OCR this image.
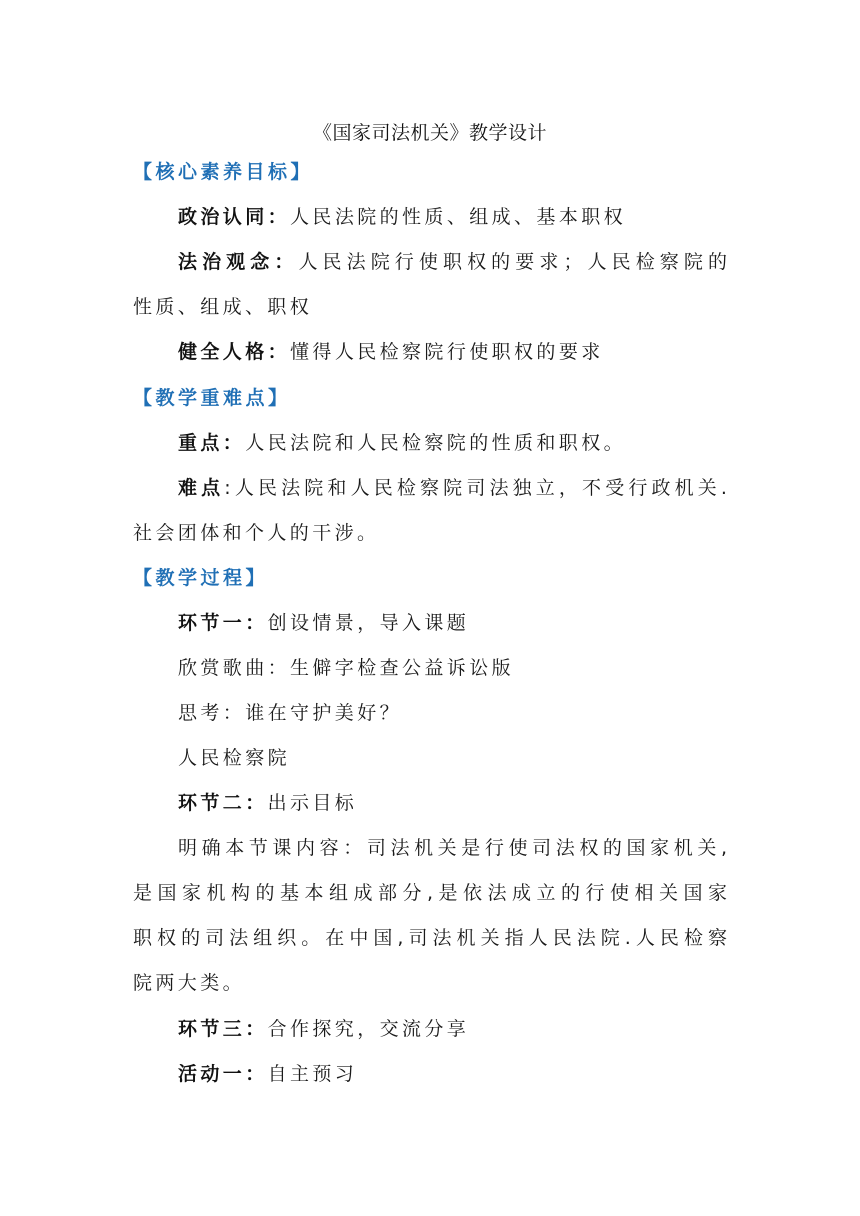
《国家司法机关》教学设计
【核心素养目标】
政治认同：人民法院的性质、组成、基本职权
法治观念：人民法院行使职权的要求；人民检察院的
性质、组成、职权
健全人格：懂得人民检察院行使职权的要求
【教学重难点】
重点：人民法院和人民检察院的性质和职权。
难点:人民法院和人民检察院司法独立，不受行政机关.
社会团体和个人的干涉。
【教学过程】
环节一：创设情景，导入课题
欣赏歌曲：生僻字检查公益诉讼版
思考：谁在守护美好？
人民检察院
环节二：出示目标
明确本节课内容：司法机关是行使司法权的国家机关,
是国家机构的基本组成部分,是依法成立的行使相关国家
职权的司法组织。在中国,司法机关指人民法院.人民检察
院两大类。
环节三：合作探究，交流分享
活动一：自主预习
